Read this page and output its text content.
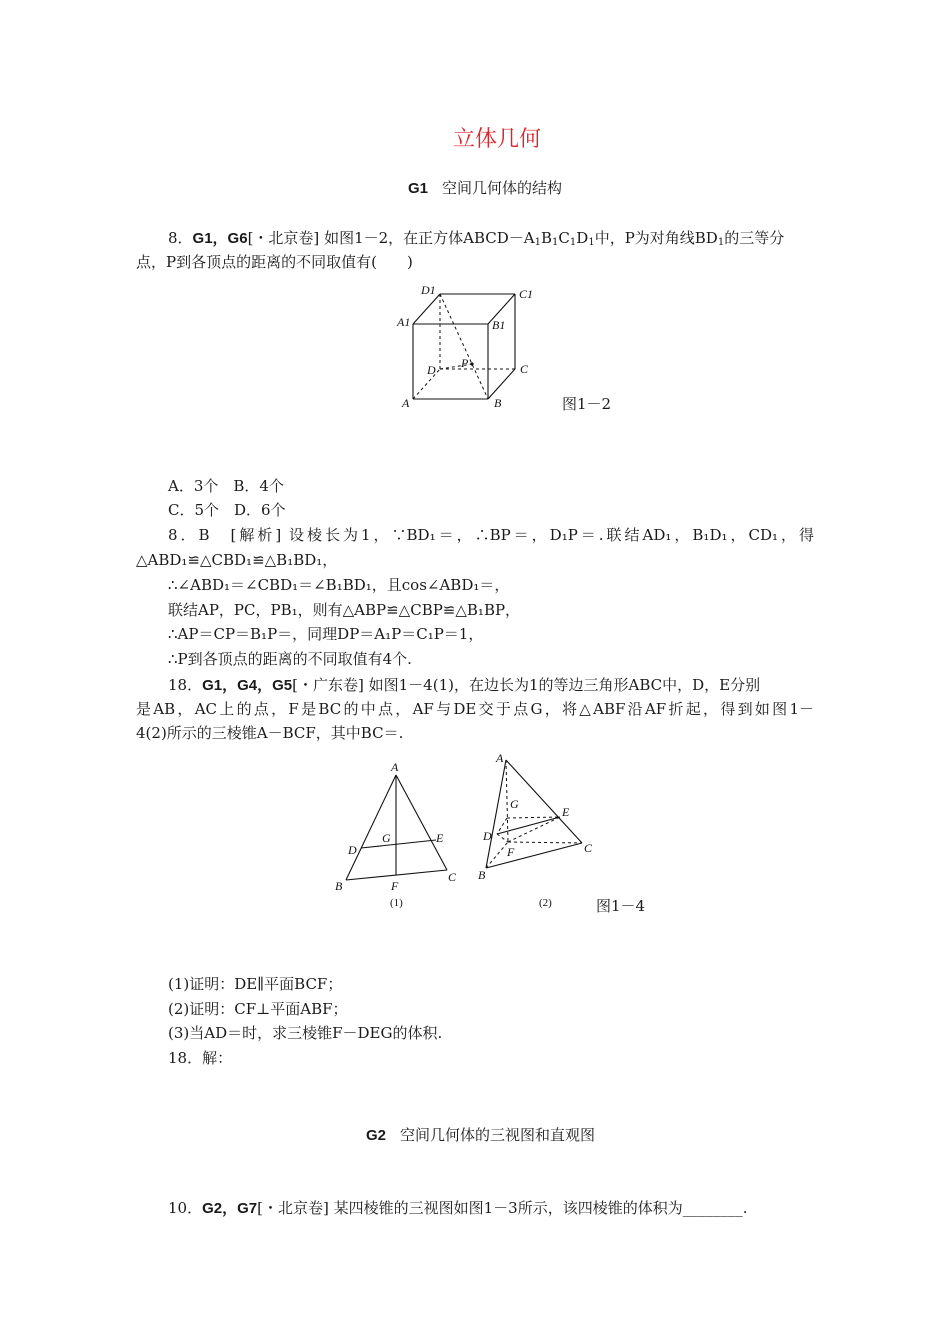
立体几何
G1 空间几何体的结构
8．G1，G6[・北京卷] 如图1－2，在正方体$ABCD-A_1B_1C_1D_1$中，P为对角线$BD_1$的三等分
点，P到各顶点的距离的不同取值有(　　)
D1	C1
A1	B1
P
D	C
A	B	图1－2
A．3个　B．4个
C．5个　D．6个
8．B　[解析] 设棱长为1，∵BD₁＝，∴BP＝，D₁P＝.联结AD₁，B₁D₁，CD₁，得
△ABD₁≌△CBD₁≌△B₁BD₁，
∴∠ABD₁＝∠CBD₁＝∠B₁BD₁，且cos∠ABD₁＝，
联结AP，PC，PB₁，则有△ABP≌△CBP≌△B₁BP，
∴AP＝CP＝B₁P＝，同理DP＝A₁P＝C₁P＝1，
∴P到各顶点的距离的不同取值有4个.
18．G1，G4，G5[・广东卷] 如图1－4(1)，在边长为1的等边三角形ABC中，D，E分别
是AB，AC上的点，F是BC的中点，AF与DE交于点G，将△ABF沿AF折起，得到如图1－
4(2)所示的三棱锥A－BCF，其中BC＝.
A
D
G	E
B	F
C
(1)
A
G
E
D
F	C
B
(2)	图1－4
(1)证明：DE∥平面BCF；
(2)证明：CF⊥平面ABF；
(3)当AD＝时，求三棱锥F－DEG的体积.
18．解：
G2 空间几何体的三视图和直观图
10．G2，G7[・北京卷] 某四棱锥的三视图如图1－3所示，该四棱锥的体积为________.
